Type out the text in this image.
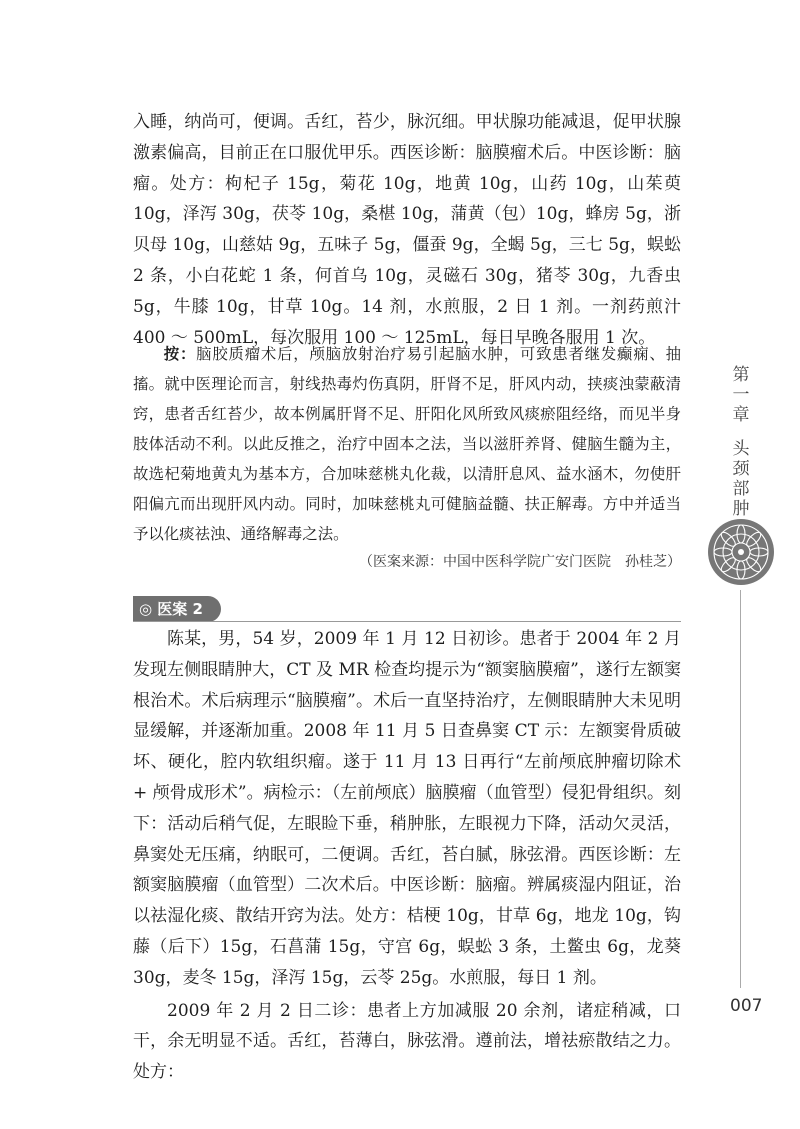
入睡，纳尚可，便调。舌红，苔少，脉沉细。甲状腺功能减退，促甲状腺激素偏高，目前正在口服优甲乐。西医诊断：脑膜瘤术后。中医诊断：脑瘤。处方：枸杞子 15g，菊花 10g，地黄 10g，山药 10g，山茱萸 10g，泽泻 30g，茯苓 10g，桑椹 10g，蒲黄（包）10g，蜂房 5g，浙贝母 10g，山慈姑 9g，五味子 5g，僵蚕 9g，全蝎 5g，三七 5g，蜈蚣 2 条，小白花蛇 1 条，何首乌 10g，灵磁石 30g，猪苓 30g，九香虫 5g，牛膝 10g，甘草 10g。14 剂，水煎服，2 日 1 剂。一剂药煎汁 400 ～ 500mL，每次服用 100 ～ 125mL，每日早晚各服用 1 次。

按：脑胶质瘤术后，颅脑放射治疗易引起脑水肿，可致患者继发癫痫、抽搐。就中医理论而言，射线热毒灼伤真阴，肝肾不足，肝风内动，挟痰浊蒙蔽清窍，患者舌红苔少，故本例属肝肾不足、肝阳化风所致风痰瘀阻经络，而见半身肢体活动不利。以此反推之，治疗中固本之法，当以滋肝养肾、健脑生髓为主，故选杞菊地黄丸为基本方，合加味慈桃丸化裁，以清肝息风、益水涵木，勿使肝阳偏亢而出现肝风内动。同时，加味慈桃丸可健脑益髓、扶正解毒。方中并适当予以化痰祛浊、通络解毒之法。

（医案来源：中国中医科学院广安门医院　孙桂芝）

◎ 医案 2

陈某，男，54 岁，2009 年 1 月 12 日初诊。患者于 2004 年 2 月发现左侧眼睛肿大，CT 及 MR 检查均提示为“额窦脑膜瘤”，遂行左额窦根治术。术后病理示“脑膜瘤”。术后一直坚持治疗，左侧眼睛肿大未见明显缓解，并逐渐加重。2008 年 11 月 5 日查鼻窦 CT 示：左额窦骨质破坏、硬化，腔内软组织瘤。遂于 11 月 13 日再行“左前颅底肿瘤切除术 + 颅骨成形术”。病检示：（左前颅底）脑膜瘤（血管型）侵犯骨组织。刻下：活动后稍气促，左眼睑下垂，稍肿胀，左眼视力下降，活动欠灵活，鼻窦处无压痛，纳眠可，二便调。舌红，苔白腻，脉弦滑。西医诊断：左额窦脑膜瘤（血管型）二次术后。中医诊断：脑瘤。辨属痰湿内阻证，治以祛湿化痰、散结开窍为法。处方：桔梗 10g，甘草 6g，地龙 10g，钩藤（后下）15g，石菖蒲 15g，守宫 6g，蜈蚣 3 条，土鳖虫 6g，龙葵 30g，麦冬 15g，泽泻 15g，云苓 25g。水煎服，每日 1 剂。

2009 年 2 月 2 日二诊：患者上方加减服 20 余剂，诸症稍减，口干，余无明显不适。舌红，苔薄白，脉弦滑。遵前法，增祛瘀散结之力。处方：

第
一
章
头
颈
部
肿
007
